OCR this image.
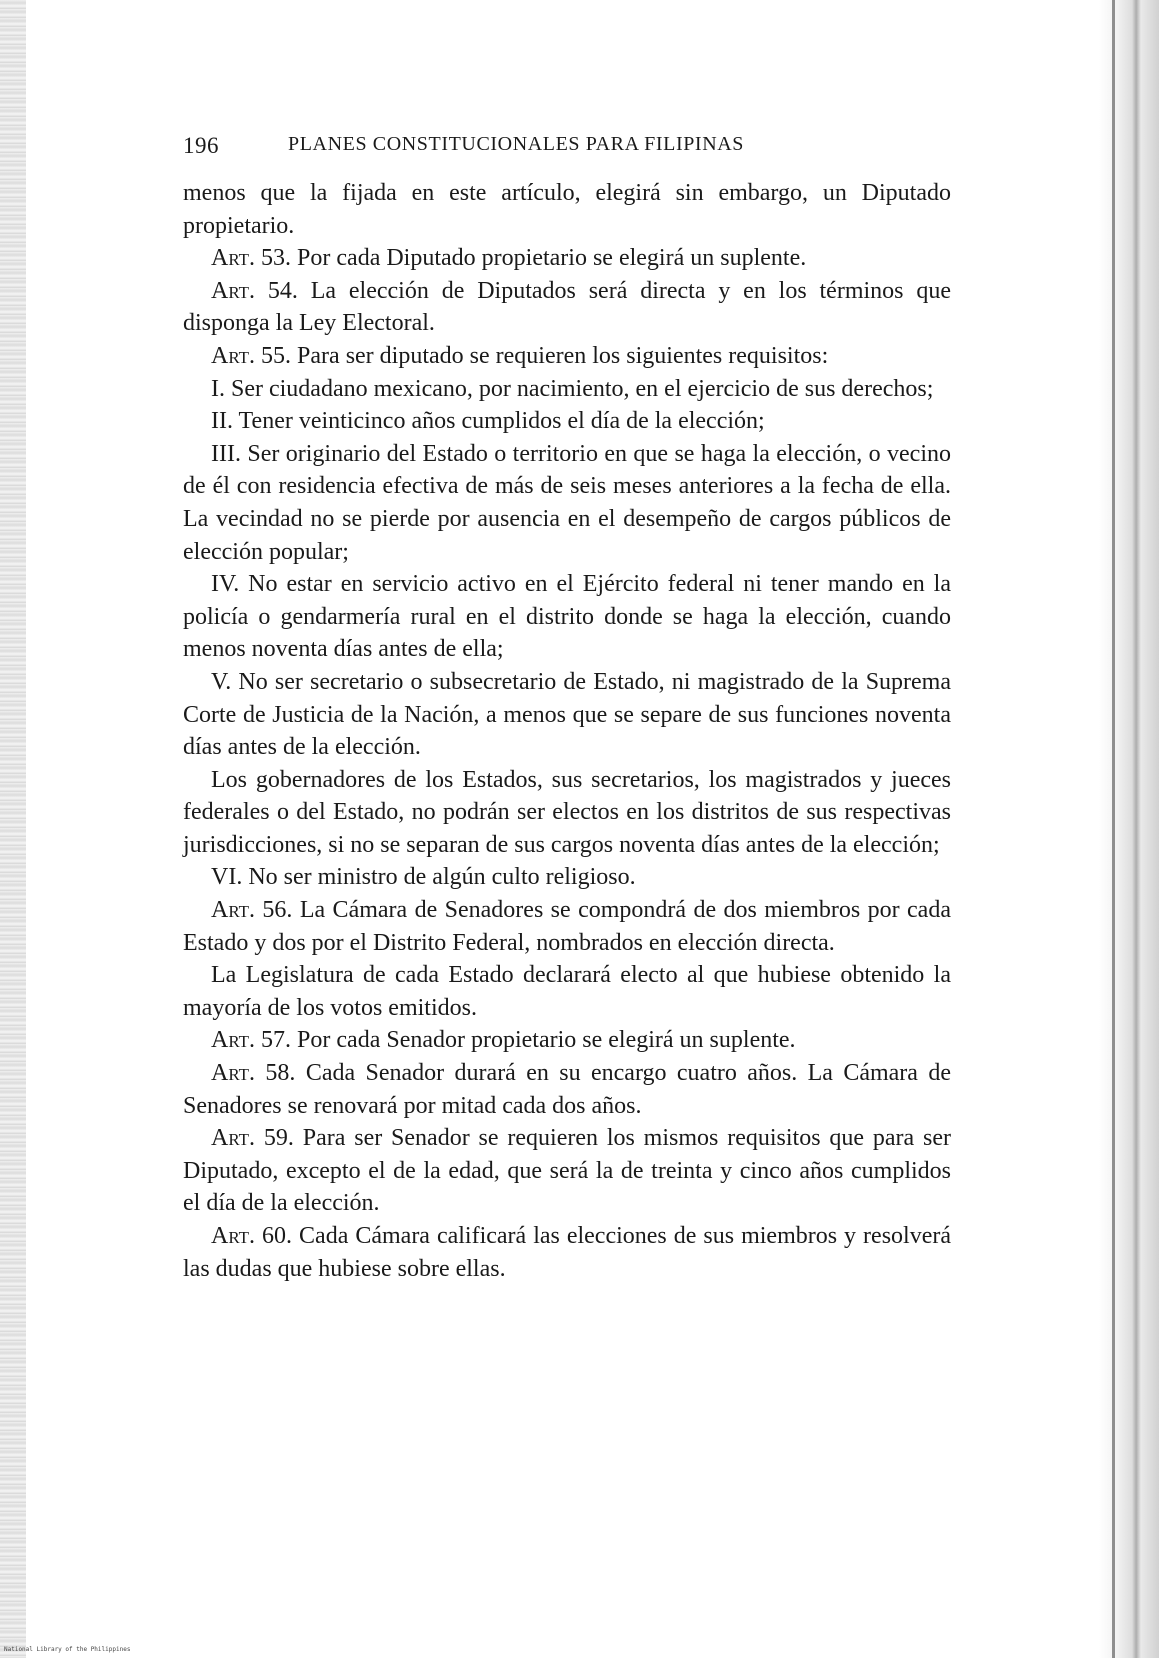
196	PLANES CONSTITUCIONALES PARA FILIPINAS

menos que la fijada en este artículo, elegirá sin embargo, un Diputado propietario.

Art. 53. Por cada Diputado propietario se elegirá un suplente.

Art. 54. La elección de Diputados será directa y en los términos que disponga la Ley Electoral.

Art. 55. Para ser diputado se requieren los siguientes requisitos:

I. Ser ciudadano mexicano, por nacimiento, en el ejercicio de sus derechos;

II. Tener veinticinco años cumplidos el día de la elección;

III. Ser originario del Estado o territorio en que se haga la elección, o vecino de él con residencia efectiva de más de seis meses anteriores a la fecha de ella. La vecindad no se pierde por ausencia en el desempeño de cargos públicos de elección popular;

IV. No estar en servicio activo en el Ejército federal ni tener mando en la policía o gendarmería rural en el distrito donde se haga la elección, cuando menos noventa días antes de ella;

V. No ser secretario o subsecretario de Estado, ni magistrado de la Suprema Corte de Justicia de la Nación, a menos que se separe de sus funciones noventa días antes de la elección.

Los gobernadores de los Estados, sus secretarios, los magistrados y jueces federales o del Estado, no podrán ser electos en los distritos de sus respectivas jurisdicciones, si no se separan de sus cargos noventa días antes de la elección;

VI. No ser ministro de algún culto religioso.

Art. 56. La Cámara de Senadores se compondrá de dos miembros por cada Estado y dos por el Distrito Federal, nombrados en elección directa.

La Legislatura de cada Estado declarará electo al que hubiese obtenido la mayoría de los votos emitidos.

Art. 57. Por cada Senador propietario se elegirá un suplente.

Art. 58. Cada Senador durará en su encargo cuatro años. La Cámara de Senadores se renovará por mitad cada dos años.

Art. 59. Para ser Senador se requieren los mismos requisitos que para ser Diputado, excepto el de la edad, que será la de treinta y cinco años cumplidos el día de la elección.

Art. 60. Cada Cámara calificará las elecciones de sus miembros y resolverá las dudas que hubiese sobre ellas.

National Library of the Philippines
